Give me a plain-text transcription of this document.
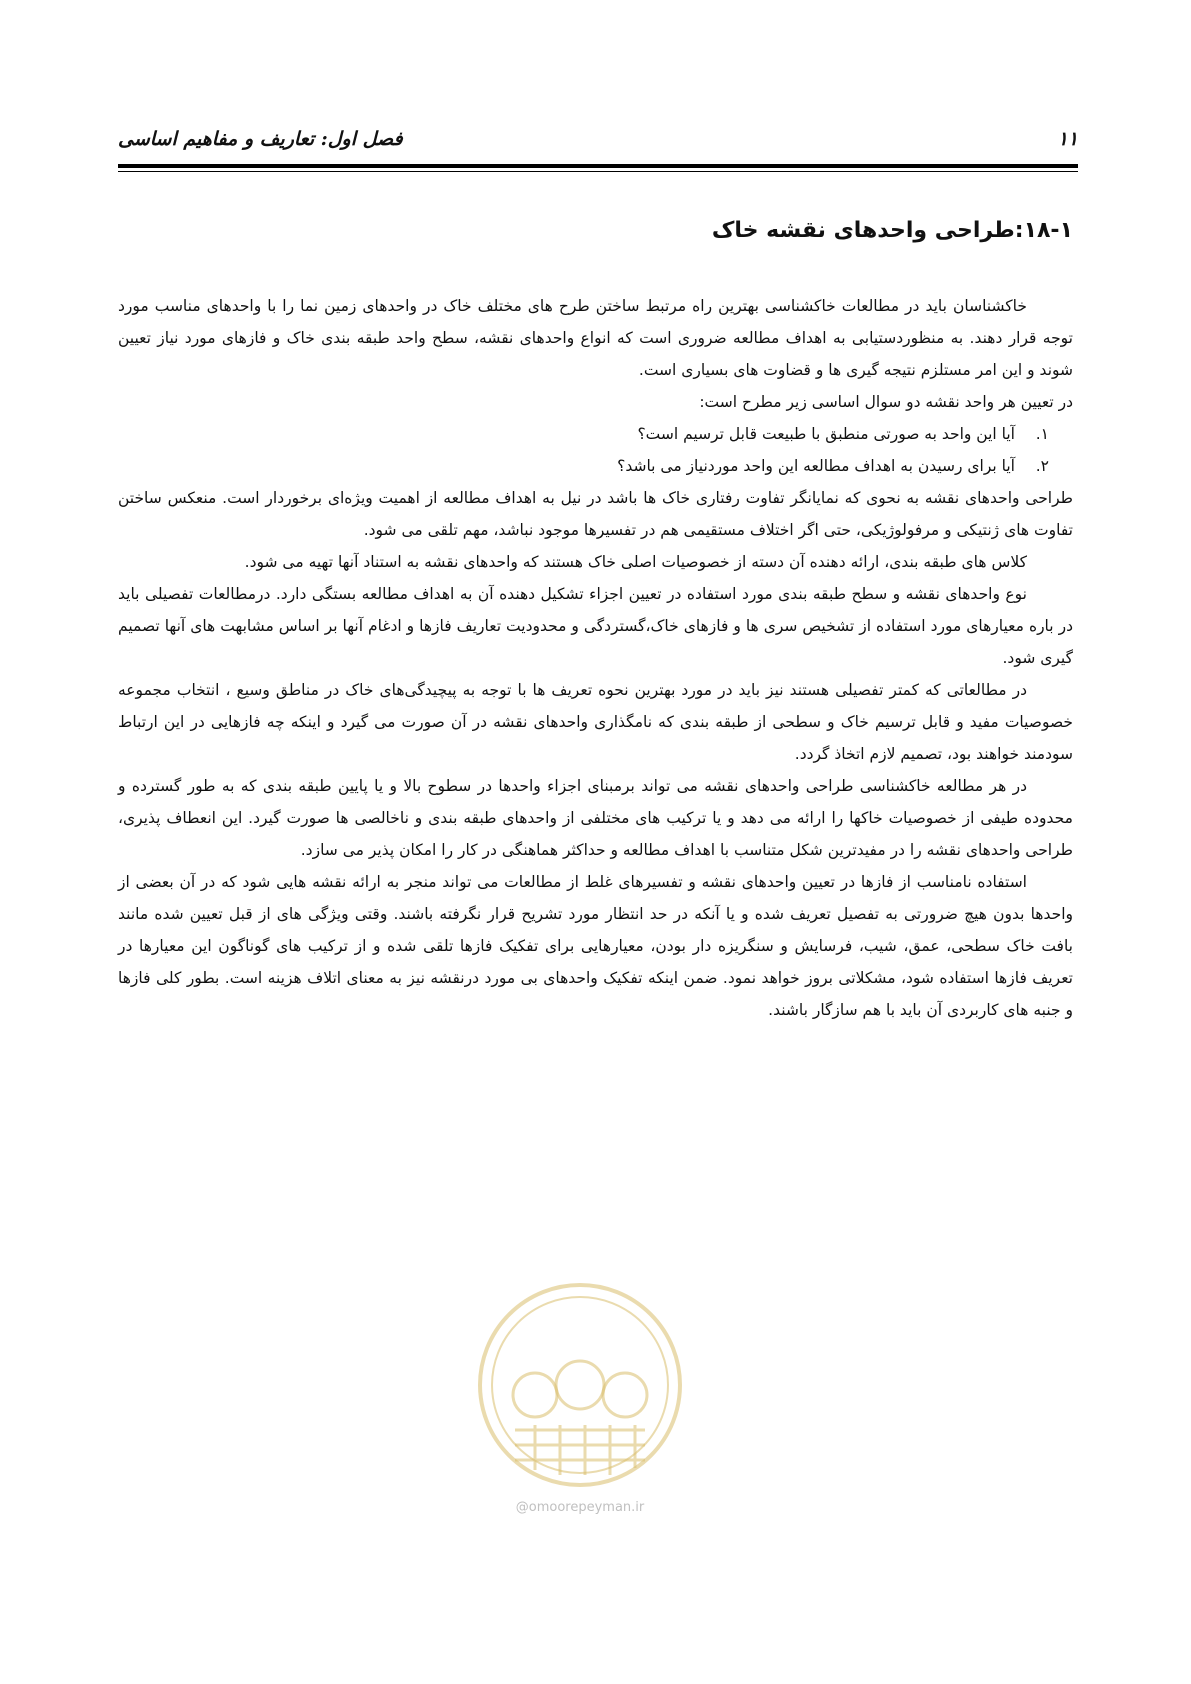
فصل اول: تعاریف و مفاهیم اساسی	۱۱
۱۸-۱:طراحی واحدهای نقشه خاک

خاکشناسان باید در مطالعات خاکشناسی بهترین راه مرتبط ساختن طرح های مختلف خاک در واحدهای زمین نما را با واحدهای مناسب مورد توجه قرار دهند. به منظوردستیابی به اهداف مطالعه ضروری است که انواع واحدهای نقشه، سطح واحد طبقه بندی خاک و فازهای مورد نیاز تعیین شوند و این امر مستلزم نتیجه گیری ها و قضاوت های بسیاری است.

در تعیین هر واحد نقشه دو سوال اساسی زیر مطرح است:

۱.آیا این واحد به صورتی منطبق با طبیعت قابل ترسیم است؟

۲.آیا برای رسیدن به اهداف مطالعه این واحد موردنیاز می باشد؟

طراحی واحدهای نقشه به نحوی که نمایانگر تفاوت رفتاری خاک ها باشد در نیل به اهداف مطالعه از اهمیت ویژه‌ای برخوردار است. منعکس ساختن تفاوت های ژنتیکی و مرفولوژیکی، حتی اگر اختلاف مستقیمی هم در تفسیرها موجود نباشد، مهم تلقی می شود.

کلاس های طبقه بندی، ارائه دهنده آن دسته از خصوصیات اصلی خاک هستند که واحدهای نقشه به استناد آنها تهیه می شود.

نوع واحدهای نقشه و سطح طبقه بندی مورد استفاده در تعیین اجزاء تشکیل دهنده آن به اهداف مطالعه بستگی دارد. درمطالعات تفصیلی باید در باره معیارهای مورد استفاده از تشخیص سری ها و فازهای خاک،گستردگی و محدودیت تعاریف فازها و ادغام آنها بر اساس مشابهت های آنها تصمیم گیری شود.

در مطالعاتی که کمتر تفصیلی هستند نیز باید در مورد بهترین نحوه تعریف ها با توجه به پیچیدگی‌های خاک در مناطق وسیع ، انتخاب مجموعه خصوصیات مفید و قابل ترسیم خاک و سطحی از طبقه بندی که نامگذاری واحدهای نقشه در آن صورت می گیرد و اینکه چه فازهایی در این ارتباط سودمند خواهند بود، تصمیم لازم اتخاذ گردد.

در هر مطالعه خاکشناسی طراحی واحدهای نقشه می تواند برمبنای اجزاء واحدها در سطوح بالا و یا پایین طبقه بندی که به طور گسترده و محدوده طیفی از خصوصیات خاکها را ارائه می دهد و یا ترکیب های مختلفی از واحدهای طبقه بندی و ناخالصی ها صورت گیرد. این انعطاف پذیری، طراحی واحدهای نقشه را در مفیدترین شکل متناسب با اهداف مطالعه و حداکثر هماهنگی در کار را امکان پذیر می سازد.

استفاده نامناسب از فازها در تعیین واحدهای نقشه و تفسیرهای غلط از مطالعات می تواند منجر به ارائه نقشه هایی شود که در آن بعضی از واحدها بدون هیچ ضرورتی به تفصیل تعریف شده و یا آنکه در حد انتظار مورد تشریح قرار نگرفته باشند. وقتی ویژگی های از قبل تعیین شده مانند بافت خاک سطحی، عمق، شیب، فرسایش و سنگریزه دار بودن، معیارهایی برای تفکیک فازها تلقی شده و از ترکیب های گوناگون این معیارها در تعریف فازها استفاده شود، مشکلاتی بروز خواهد نمود. ضمن اینکه تفکیک واحدهای بی مورد درنقشه نیز به معنای اتلاف هزینه است. بطور کلی فازها و جنبه های کاربردی آن باید با هم سازگار باشند.

@omoorepeyman.ir
